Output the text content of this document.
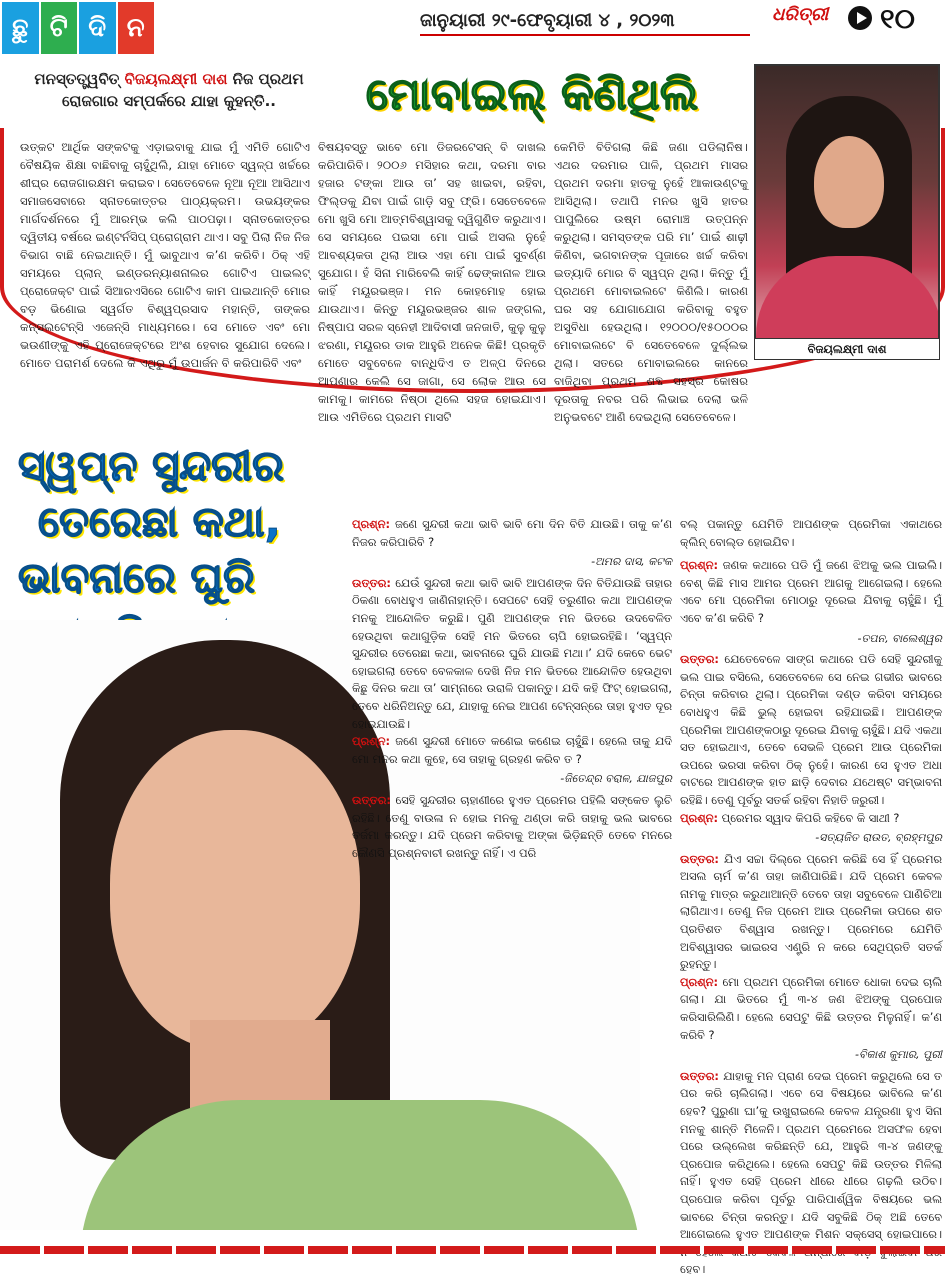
ଛୁ ଟି ଦି ନ	ଜାନୁୟାରୀ ୨୯-ଫେବୃୟାରୀ ୪ , ୨୦୨୩	ଧରିତ୍ରୀ	୧୦
ମନସ୍ତତ୍ତ୍ୱବିତ୍ ବିଜୟଲକ୍ଷ୍ମୀ ଦାଶ ନିଜ ପ୍ରଥମ ରୋଜଗାର ସମ୍ପର୍କରେ ଯାହା କୁହନ୍ତି..	ମୋବାଇଲ୍ କିଣିଥିଲି
ଉତ୍କଟ ଆର୍ଥିକ ସଙ୍କଟକୁ ଏଡ଼ାଇବାକୁ ଯାଇ ମୁଁ ଏମିତି ଗୋଟିଏ ବୈଷୟିକ ଶିକ୍ଷା ବାଛିବାକୁ ଚାହୁଁଥିଲି, ଯାହା ମୋତେ ସ୍ୱଳ୍ପ ଖର୍ଚ୍ଚରେ ଶୀଘ୍ର ରୋଜଗାରକ୍ଷମ କରାଇବ। ସେତେବେଳେ ନୂଆ ନୂଆ ଆସିଥାଏ ସମାଜସେବାରେ ସ୍ନାତକୋତ୍ତର ପାଠ୍ୟକ୍ରମ। ଉଭୟଙ୍କର ମାର୍ଗଦର୍ଶନରେ ମୁଁ ଆରମ୍ଭ କଲି ପାଠପଢ଼ା। ସ୍ନାତକୋତ୍ତର ଦ୍ୱିତୀୟ ବର୍ଷରେ ଇଣ୍ଟର୍ନସିପ୍ ପ୍ରୋଗ୍ରାମ ଥାଏ। ସବୁ ପିଲା ନିଜ ନିଜ ବିଭାଗ ବାଛି ନେଇଥାନ୍ତି। ମୁଁ ଭାବୁଥାଏ କ’ଣ କରିବି। ଠିକ୍ ଏହି ସମୟରେ ପ୍ଲାନ୍ ଇଣ୍ଡରନ୍ୟାଶନାଲର ଗୋଟିଏ ପାଇଲଟ୍ ପ୍ରୋଜେକ୍ଟ ପାଇଁ ସିଆରଏସିରେ ଗୋଟିଏ କାମ ପାଇଥାନ୍ତି ମୋର ବଡ଼ ଭିଣୋଇ ସ୍ୱର୍ଗତ ବିଶ୍ୱପ୍ରସାଦ ମହାନ୍ତି, ତାଙ୍କର କନ୍ସଲଟେନ୍ସି ଏଜେନ୍ସି ମାଧ୍ୟମରେ। ସେ ମୋତେ ଏବଂ ମୋ ଭଉଣୀଙ୍କୁ ଏହି ପ୍ରୋଜେକ୍ଟରେ ଅଂଶ ହେବାର ସୁଯୋଗ ଦେଲେ। ମୋତେ ପରାମର୍ଶ ଦେଲେ କି ଏଥିରୁ ମୁଁ ଉପାର୍ଜନ ବି କରିପାରିବି ଏବଂ
ବିଷୟବସ୍ତୁ ଭାବେ ମୋ ଡିଜରଟେସନ୍ ବି ଦାଖଲ କରିପାରିବି। ୨୦୦୬ ମସିହାର କଥା, ଦରମା ବାର ହଜାର ଟଙ୍କା ଆଉ ତା’ ସହ ଖାଇବା, ରହିବା, ଫିଲ୍ଡକୁ ଯିବା ପାଇଁ ଗାଡ଼ି ସବୁ ଫ୍ରି। ସେତେବେଳେ ମୋ ଖୁସି ମୋ ଆତ୍ମବିଶ୍ୱାସକୁ ଦ୍ୱିଗୁଣିତ କରୁଥାଏ। ସେ ସମୟରେ ପଇସା ମୋ ପାଇଁ ଅସଲ ନୁହେଁ ଆବଶ୍ୟକତା ଥିଲା ଆଉ ଏହା ମୋ ପାଇଁ ସୁବର୍ଣ୍ଣ ସୁଯୋଗ। ହଁ ସିନା ମାରିବେଲି କାହିଁ ଢେଙ୍କାନାଳ ଆଉ କାହିଁ ମୟୂରଭଞ୍ଜ। ମନ କୋହମୋହ ହୋଇ ଯାଉଥାଏ। କିନ୍ତୁ ମୟୂରଭଞ୍ଜର ଶାଳ ଜଙ୍ଗଲ, ନିଷ୍ପାପ ସରଳ ସ୍ନେହୀ ଆଦିବାସୀ ଜନଜାତି, କୁଳୁ କୁଳୁ ଝରଣା, ମୟୂରର ଡାକ ଆହୁରି ଅନେକ କିଛି! ପ୍ରକୃତି ମୋତେ ସବୁବେଳେ ବାନ୍ଧିଦିଏ ତ ଅଳ୍ପ ଦିନରେ ଆପଣାର କେଲି ସେ ଜାଗା, ସେ ଲୋକ ଆଉ ସେ କାମକୁ। କାମରେ ନିଷ୍ଠା ଥିଲେ ସହଜ ହୋଇଯାଏ। ଆଉ ଏମିତିରେ ପ୍ରଥମ ମାସଟି
କେମିତି ବିତିଗଲା କିଛି ଜଣା ପଡିଲାନିଷ। ଏଥର ଦରମାର ପାଳି, ପ୍ରଥମ ମାସର ପ୍ରଥମ ଦରମା ହାତକୁ ନୁହେଁ ଆକାଉଣ୍ଟକୁ ଆସିଥିଲା। ତଥାପି ମନର ଖୁସି ହାତର ପାପୁଲିରେ ଉଷ୍ମ ରୋମାଞ୍ଚ ଉତ୍ପନ୍ନ କରୁଥିଲା। ସମସ୍ତଙ୍କ ପରି ମା’ ପାଇଁ ଶାଢ଼ୀ କିଣିବା, ଭଗବାନଙ୍କ ପୂଜାରେ ଖର୍ଚ୍ଚ କରିବା ଇତ୍ୟାଦି ମୋର ବି ସ୍ୱପ୍ନ ଥିଲା। କିନ୍ତୁ ମୁଁ ପ୍ରଥମେ ମୋବାଇଲଟେ କିଣିଲି। କାରଣ ଘର ସହ ଯୋଗାଯୋଗ କରିବାକୁ ବହୁତ ଅସୁବିଧା ହେଉଥିଲା। ୧୨୦୦୦/୧୫୦୦୦ର ମୋବାଇଲଟେ ବି ସେତେବେଳେ ଦୁର୍ଲ୍ଲଭ ଥିଲା। ସତରେ ମୋବାଇଲରେ କାନରେ ବାଜିଥିବା ପ୍ରଥମ ଶବ୍ଦ ସହସ୍ର କୋଷର ଦୂରତାକୁ ନବର ପରି ଲିଭାଇ ଦେଲା ଭଳି ଅନୁଭବଟେ ଆଣି ଦେଇଥିଲା ସେତେବେଳେ।
ବିଜୟଲକ୍ଷ୍ମୀ ଦାଶ
ସ୍ୱପ୍ନ ସୁନ୍ଦରୀର
ତେରେଛା କଥା,
ଭାବନାରେ ଘୁରି
ପ୍ରଶ୍ନ: ଜଣେ ସୁନ୍ଦରୀ କଥା ଭାବି ଭାବି ମୋ ଦିନ ବିତି ଯାଉଛି। ତାକୁ କ’ଣ ନିଜର କରିପାରିବି ?
-ଅମର ଦାସ, କଟକ
ଉତ୍ତର: ଯେଉଁ ସୁନ୍ଦରୀ କଥା ଭାବି ଭାବି ଆପଣଙ୍କ ଦିନ ବିତିଯାଉଛି ତାହାର ଠିକଣା ବୋଧହୁଏ ଜାଣିନାହାନ୍ତି। ସେପଟେ ସେହି ତରୁଣୀର କଥା ଆପଣଙ୍କ ମନକୁ ଆନ୍ଦୋଳିତ କରୁଛି। ପୁଣି ଆପଣଙ୍କ ମନ ଭିତରେ ଉଦବେଳିତ ହେଉଥିବା କଥାଗୁଡ଼ିକ ସେହି ମନ ଭିତରେ ଚାପି ହୋଇରହିଛି। ‘ସ୍ୱପ୍ନ ସୁନ୍ଦରୀର ତେରେଛା କଥା, ଭାବନାରେ ଘୁରି ଯାଉଛି ମଥା।’ ଯଦି କେବେ ଭେଟ ହୋଇଗଲା ତେବେ ବେଳକାଳ ଦେଖି ନିଜ ମନ ଭିତରେ ଆନ୍ଦୋଳିତ ହେଉଥିବା କିଛୁ ଦିନର କଥା ତା’ ସାମ୍ନାରେ ଉରାଳି ପକାନ୍ତୁ। ଯଦି କହି ଫିଟ୍ ହୋଇଗଲା, ତେବେ ଧରିନିଅନ୍ତୁ ଯେ, ଯାହାକୁ ନେଇ ଆପଣ ଟେନ୍ସନ୍‌ରେ ତାହା ହୁଏତ ଦୂର ହୋଇଯାଉଛି।
ପ୍ରଶ୍ନ: ଜଣେ ସୁନ୍ଦରୀ ମୋତେ କଣେଇ କଣେଇ ଚାହୁଁଛି। ହେଲେ ତାକୁ ଯଦି ମୋ ମନର କଥା କୁହେ, ସେ ତାହାକୁ ଗ୍ରହଣ କରିବ ତ ?
-ଜିତେନ୍ଦ୍ର ବରାଳ, ଯାଜପୁର
ଉତ୍ତର: ସେହି ସୁନ୍ଦରୀର ଚାହାଣୀରେ ହୁଏତ ପ୍ରେମର ପହିଲି ସଙ୍କେତ ଲୁଚି ରହିଛି। ତେଣୁ ବାଉଳା ନ ହୋଇ ମନକୁ ଥଣ୍ଡା କରି ତାହାକୁ ଭଲ ଭାବରେ ତର୍ଜମା କରନ୍ତୁ। ଯଦି ପ୍ରେମ କରିବାକୁ ଅଙ୍କା ଭିଡ଼ିଛନ୍ତି ତେବେ ମନରେ କୌଣସି ପ୍ରଶ୍ନବାଚୀ ରଖନ୍ତୁ ନାହିଁ। ଏ ପରି
ବଲ୍ ପକାନ୍ତୁ ଯେମିତି ଆପଣଙ୍କ ପ୍ରେମିକା ଏକାଥରେ କ୍ଲିନ୍ ବୋଲ୍ଡ ହୋଇଯିବ।
ପ୍ରଶ୍ନ: ଜଣକ କଥାରେ ପଡି ମୁଁ ଜଣେ ଝିଅକୁ ଭଲ ପାଇଲି। ବେଶ୍ କିଛି ମାସ ଆମର ପ୍ରେମ ଆଗକୁ ଆଗେଇଲା। ହେଲେ ଏବେ ମୋ ପ୍ରେମିକା ମୋଠାରୁ ଦୂରେଇ ଯିବାକୁ ଚାହୁଁଛି। ମୁଁ ଏବେ କ’ଣ କରିବି ?
-ତପନ, ବାଲେଶ୍ୱର
ଉତ୍ତର: ଯେତେବେଳେ ସାଙ୍ଗ କଥାରେ ପଡି ସେହି ସୁନ୍ଦରୀକୁ ଭଲ ପାଇ ବସିଲେ, ସେତେବେଳେ ସେ ନେଇ ଗଭୀର ଭାବରେ ଚିନ୍ତା କରିବାର ଥିଲା। ପ୍ରେମିକା ଦଣ୍ଡ କରିବା ସମୟରେ ବୋଧହୁଏ କିଛି ଭୁଲ୍ ହୋଇବା ରହିଯାଇଛି। ଆପଣଙ୍କ ପ୍ରେମିକା ଆପଣଙ୍କଠାରୁ ଦୂରେଇ ଯିବାକୁ ଚାହୁଁଛି। ଯଦି ଏକଥା ସତ ହୋଇଥାଏ, ତେବେ ସେଭଳି ପ୍ରେମ ଆଉ ପ୍ରେମିକା ଉପରେ ଭରସା କରିବା ଠିକ୍ ନୁହେଁ। କାରଣ ସେ ହୁଏତ ଅଧା ବାଟରେ ଆପଣଙ୍କ ହାତ ଛାଡ଼ି ଦେବାର ଯଥେଷ୍ଟ ସମ୍ଭାବନା ରହିଛି। ତେଣୁ ପୂର୍ବରୁ ସତର୍କ ରହିବା ନିହାତି ଜରୁରୀ।
ପ୍ରଶ୍ନ: ପ୍ରେମର ସ୍ୱାଦ କିପରି କହିବେ କି ସାଥୀ ?
-ସତ୍ୟଜିତ ରାଉତ, ବ୍ରହ୍ମପୁର
ଉତ୍ତର: ଯିଏ ସଚ୍ଚା ଦିଲ୍‌ରେ ପ୍ରେମ କରିଛି ସେ ହିଁ ପ୍ରେମର ଅସଲ ଚାର୍ମ କ’ଣ ତାହା ଜାଣିପାରିଛି। ଯଦି ପ୍ରେମ କେବଳ ନାମକୁ ମାତ୍ର କରୁଥାଆନ୍ତି ତେବେ ତାହା ସବୁବେଳେ ପାଣିଚିଆ ଲାଗିଥାଏ। ତେଣୁ ନିଜ ପ୍ରେମ ଆଉ ପ୍ରେମିକା ଉପରେ ଶତ ପ୍ରତିଶତ ବିଶ୍ୱାସ ରଖନ୍ତୁ। ପ୍ରେମରେ ଯେମିତି ଅବିଶ୍ୱାସର ଭାଇରସ ଏଣ୍ଟ୍ରି ନ କରେ ସେଥିପ୍ରତି ସତର୍କ ରୁହନ୍ତୁ।
ପ୍ରଶ୍ନ: ମୋ ପ୍ରଥମ ପ୍ରେମିକା ମୋତେ ଧୋକା ଦେଇ ଚାଲି ଗଲା। ଯା ଭିତରେ ମୁଁ ୩-୪ ଜଣ ଝିଅଙ୍କୁ ପ୍ରପୋଜ କରିସାରିଲିଣି। ହେଲେ ସେପଟୁ କିଛି ଉତ୍ତର ମିଳୁନାହିଁ। କ’ଣ କରିବି ?
-ବିକାଶ କୁମାର, ପୁରୀ
ଉତ୍ତର: ଯାହାକୁ ମନ ପ୍ରାଣ ଦେଇ ପ୍ରେମ କରୁଥିଲେ ସେ ତ ପର କରି ଚାଲିଗଲା। ଏବେ ସେ ବିଷୟରେ ଭାବିଲେ କ’ଣ ହେବ? ପୁରୁଣା ଘା’କୁ ଉଖୁରାଇଲେ କେବଳ ଯନ୍ତ୍ରଣା ହୁଏ ସିନା ମନକୁ ଶାନ୍ତି ମିଳେନି। ପ୍ରଥମ ପ୍ରେମରେ ଅସଫଳ ହେବା ପରେ ଉଲ୍ଲେଖ କରିଛନ୍ତି ଯେ, ଆହୁରି ୩-୪ ଜଣଙ୍କୁ ପ୍ରପୋଜ କରିଥିଲେ। ହେଲେ ସେପଟୁ କିଛି ଉତ୍ତର ମିଳିଲା ନାହିଁ। ହୁଏତ ସେହି ପ୍ରେମ ଧୀରେ ଧୀରେ ଗଢ଼ଲି ଉଠିବ। ପ୍ରପୋଜ କରିବା ପୂର୍ବରୁ ପାରିପାର୍ଶ୍ୱିକ ବିଷୟରେ ଭଲ ଭାବରେ ଚିନ୍ତା କରନ୍ତୁ। ଯଦି ସବୁକିଛି ଠିକ୍ ଅଛି ତେବେ ଆଗେଇଲେ ହୁଏତ ଆପଣଙ୍କ ମିଶନ ସକ୍‌ସେସ୍ ହୋଇପାରେ। ହେବ।
